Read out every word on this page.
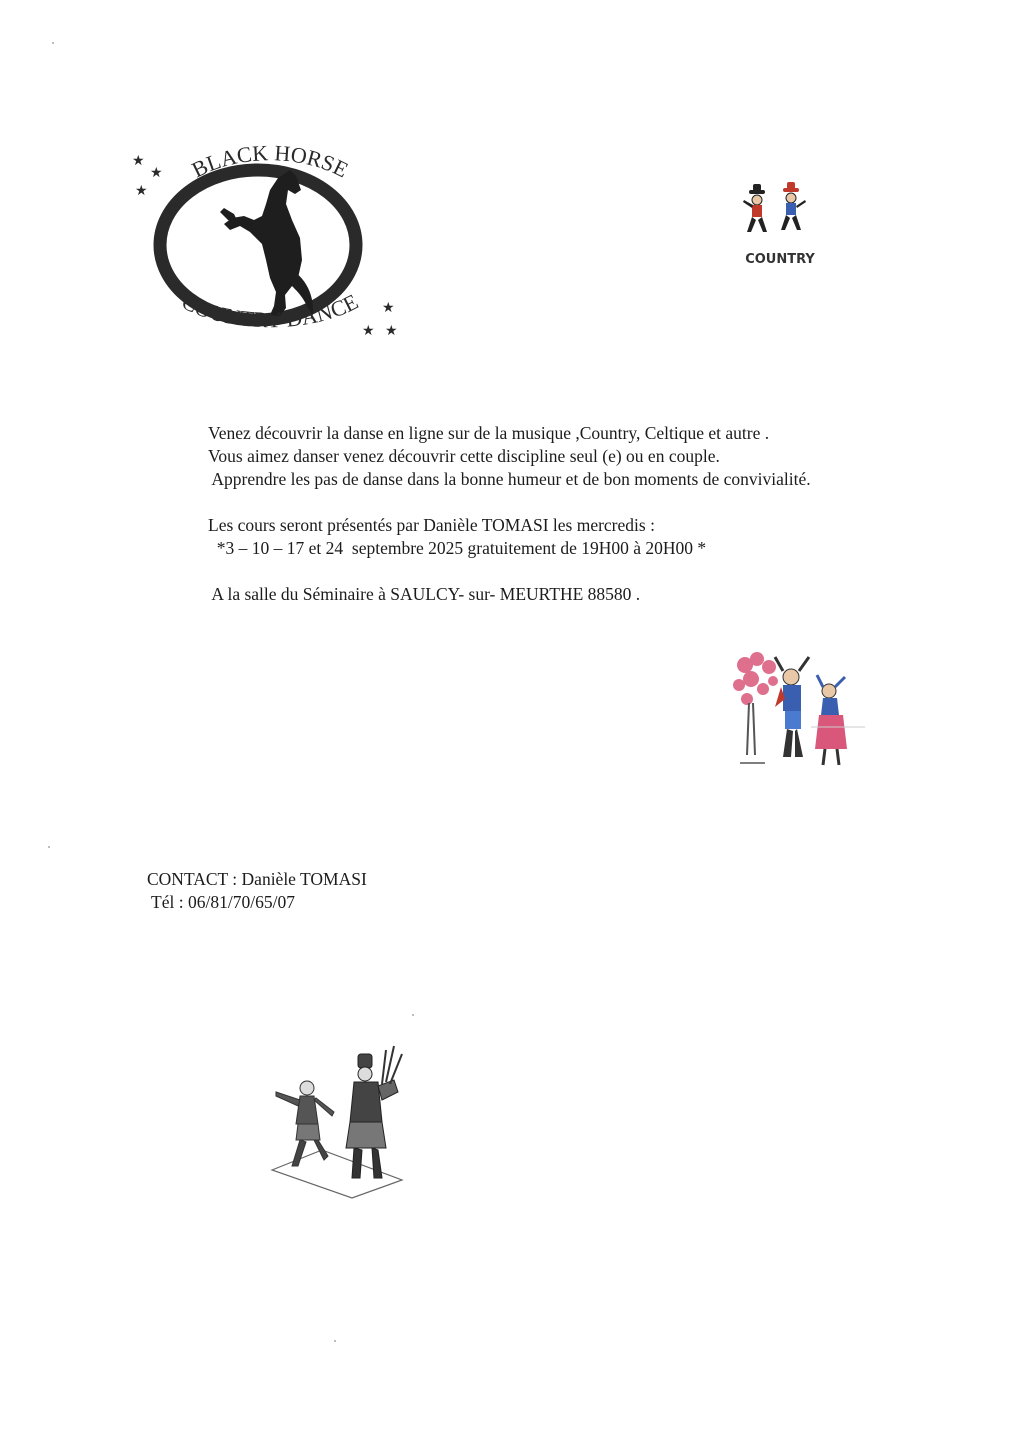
★
★
★
★
★ ★
BLACK HORSE
COUNTRY DANCE
COUNTRY

Venez découvrir la danse en ligne sur de la musique ,Country, Celtique et autre .

Vous aimez danser venez découvrir cette discipline seul (e) ou en couple.

Apprendre les pas de danse dans la bonne humeur et de bon moments de convivialité.

Les cours seront présentés par Danièle TOMASI les mercredis :

*3 – 10 – 17 et 24  septembre 2025 gratuitement de 19H00 à 20H00 *

A la salle du Séminaire à SAULCY- sur- MEURTHE 88580 .

CONTACT : Danièle TOMASI

Tél : 06/81/70/65/07
